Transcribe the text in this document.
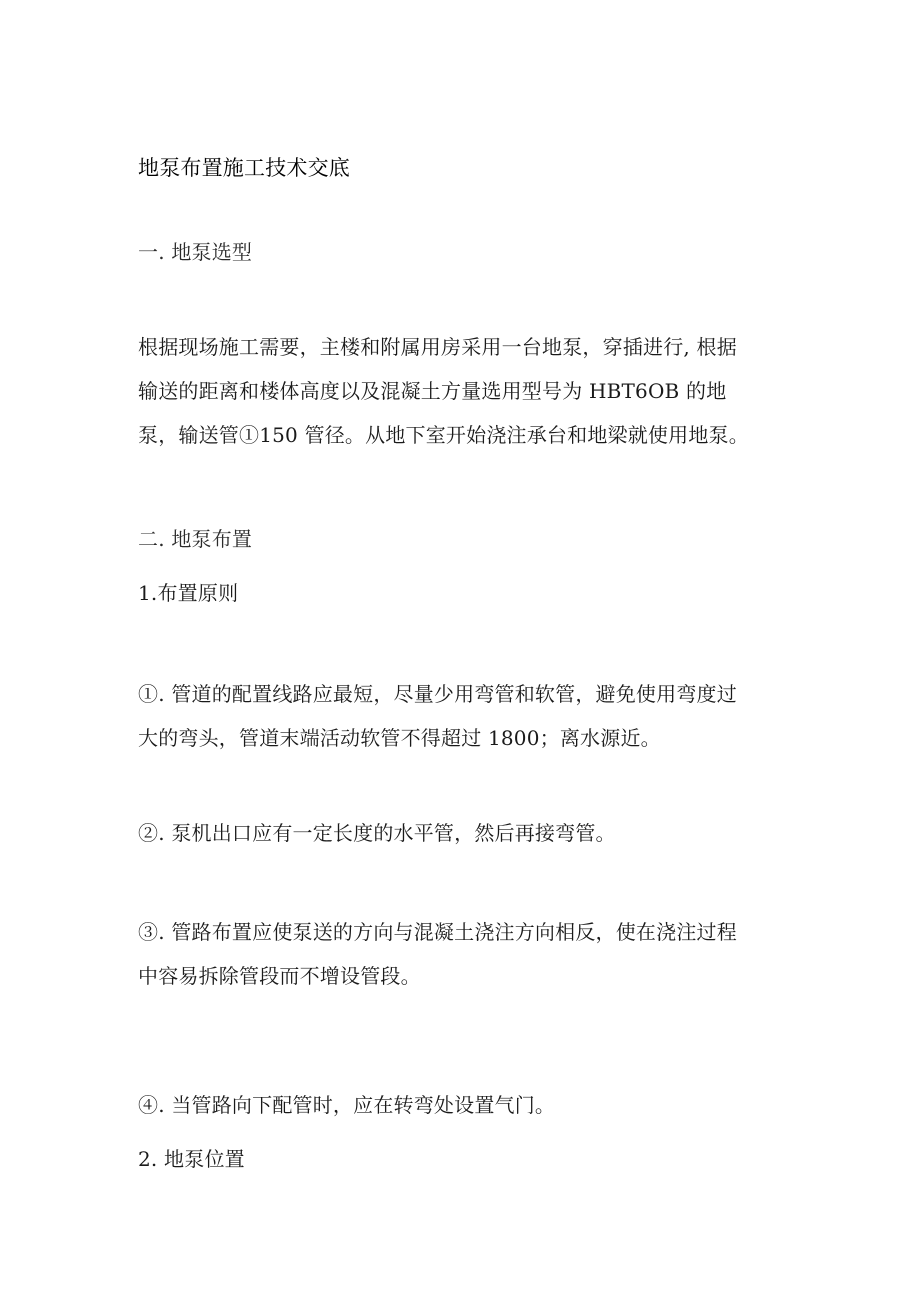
地泵布置施工技术交底
一. 地泵选型
根据现场施工需要，主楼和附属用房采用一台地泵，穿插进行, 根据
输送的距离和楼体高度以及混凝土方量选用型号为 HBT6OB 的地
泵，输送管①150 管径。从地下室开始浇注承台和地梁就使用地泵。
二. 地泵布置
1.布置原则
①. 管道的配置线路应最短，尽量少用弯管和软管，避免使用弯度过
大的弯头，管道末端活动软管不得超过 1800；离水源近。
②. 泵机出口应有一定长度的水平管，然后再接弯管。
③. 管路布置应使泵送的方向与混凝土浇注方向相反，使在浇注过程
中容易拆除管段而不增设管段。
④. 当管路向下配管时，应在转弯处设置气门。
2. 地泵位置
